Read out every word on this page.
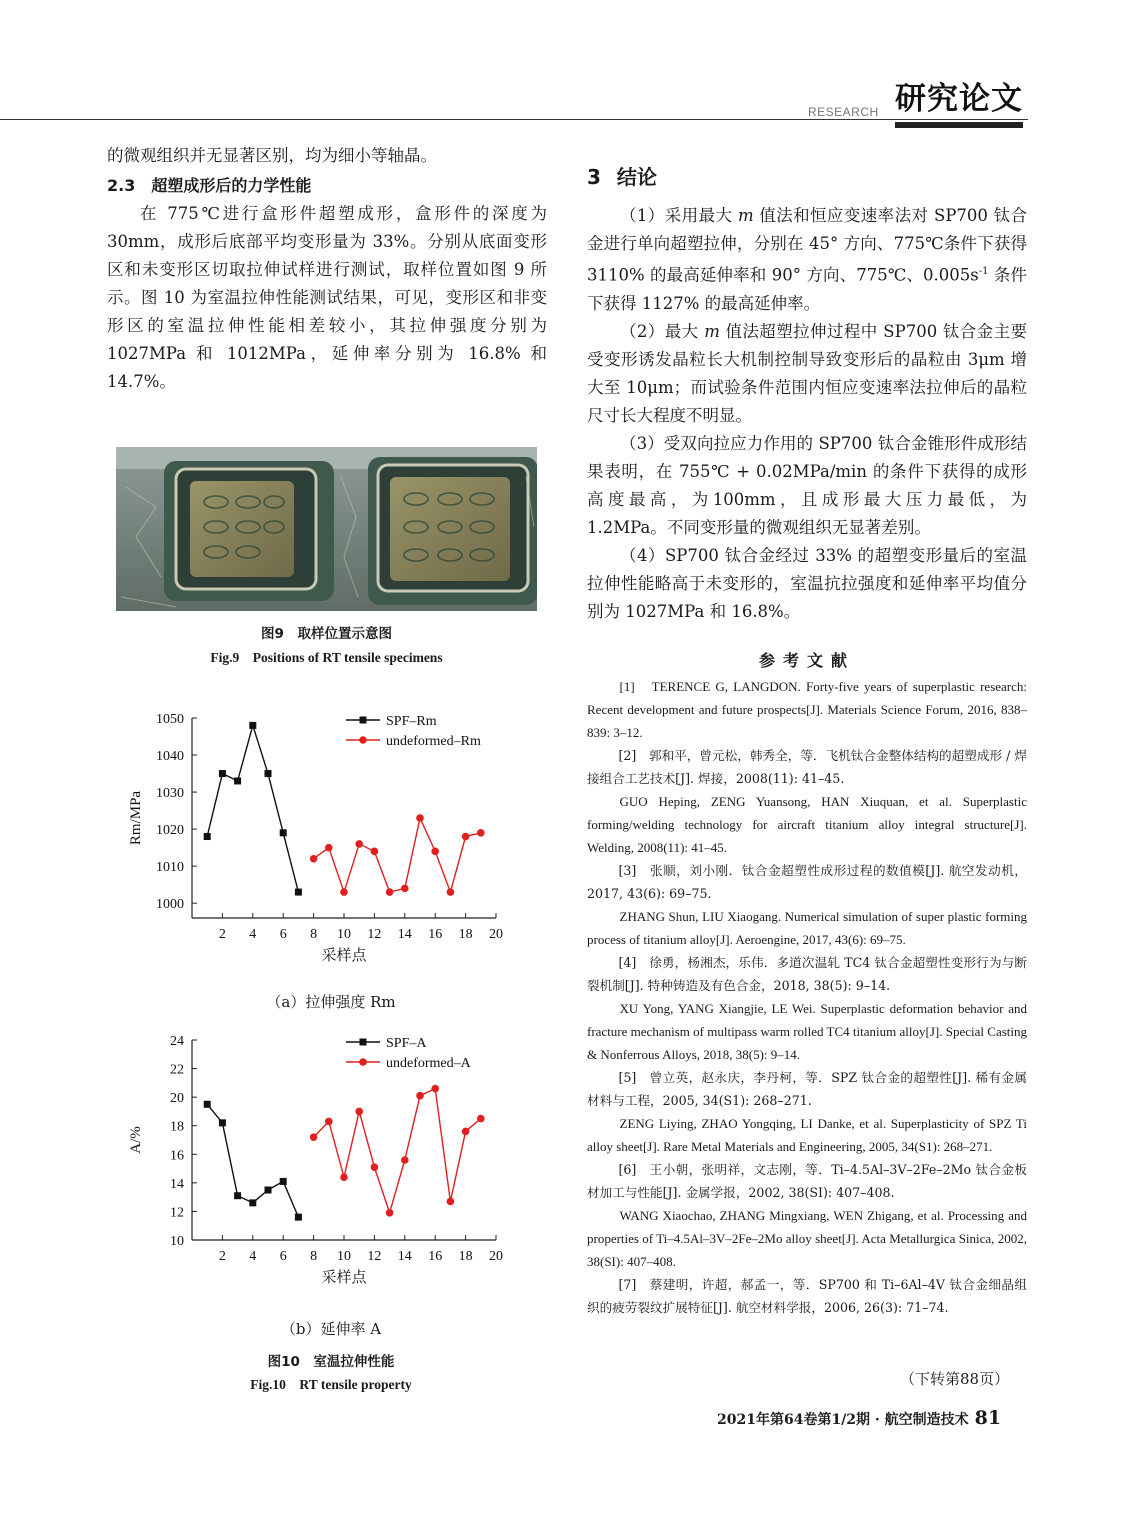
RESEARCH 研究论文

的微观组织并无显著区别，均为细小等轴晶。

2.3　超塑成形后的力学性能

在 775℃进行盒形件超塑成形，盒形件的深度为 30mm，成形后底部平均变形量为 33%。分别从底面变形区和未变形区切取拉伸试样进行测试，取样位置如图 9 所示。图 10 为室温拉伸性能测试结果，可见，变形区和非变形区的室温拉伸性能相差较小，其拉伸强度分别为 1027MPa 和 1012MPa，延伸率分别为 16.8% 和 14.7%。

图9　取样位置示意图
Fig.9　Positions of RT tensile specimens
1000
1010
1020
1030
1040
1050
2 4 6 8 10 12 14 16 18 20
采样点
Rm/MPa
SPF–Rm
undeformed–Rm
（a）拉伸强度 Rm
10
12
14
16
18
20
22
24
2 4 6 8 10 12 14 16 18 20
采样点
A/%
SPF–A
undeformed–A
（b）延伸率 A
图10　室温拉伸性能
Fig.10　RT tensile property
3 结论

（1）采用最大 m 值法和恒应变速率法对 SP700 钛合金进行单向超塑拉伸，分别在 45° 方向、775℃条件下获得 3110% 的最高延伸率和 90° 方向、775℃、$0.005s^{-1}$ 条件下获得 1127% 的最高延伸率。

（2）最大 m 值法超塑拉伸过程中 SP700 钛合金主要受变形诱发晶粒长大机制控制导致变形后的晶粒由 3μm 增大至 10μm；而试验条件范围内恒应变速率法拉伸后的晶粒尺寸长大程度不明显。

（3）受双向拉应力作用的 SP700 钛合金锥形件成形结果表明，在 755℃ + 0.02MPa/min 的条件下获得的成形高度最高，为100mm，且成形最大压力最低，为 1.2MPa。不同变形量的微观组织无显著差别。

（4）SP700 钛合金经过 33% 的超塑变形量后的室温拉伸性能略高于未变形的，室温抗拉强度和延伸率平均值分别为 1027MPa 和 16.8%。

参考文献

[1]　TERENCE G, LANGDON. Forty-five years of superplastic research: Recent development and future prospects[J]. Materials Science Forum, 2016, 838–839: 3–12.

[2]　郭和平，曾元松，韩秀全，等．飞机钛合金整体结构的超塑成形 / 焊接组合工艺技术[J]. 焊接，2008(11): 41–45.

GUO Heping, ZENG Yuansong, HAN Xiuquan, et al. Superplastic forming/welding technology for aircraft titanium alloy integral structure[J]. Welding, 2008(11): 41–45.

[3]　张顺，刘小刚．钛合金超塑性成形过程的数值模[J]. 航空发动机，2017, 43(6): 69–75.

ZHANG Shun, LIU Xiaogang. Numerical simulation of super plastic forming process of titanium alloy[J]. Aeroengine, 2017, 43(6): 69–75.

[4]　徐勇，杨湘杰，乐伟．多道次温轧 TC4 钛合金超塑性变形行为与断裂机制[J]. 特种铸造及有色合金，2018, 38(5): 9–14.

XU Yong, YANG Xiangjie, LE Wei. Superplastic deformation behavior and fracture mechanism of multipass warm rolled TC4 titanium alloy[J]. Special Casting & Nonferrous Alloys, 2018, 38(5): 9–14.

[5]　曾立英，赵永庆，李丹柯，等．SPZ 钛合金的超塑性[J]. 稀有金属材料与工程，2005, 34(S1): 268–271.

ZENG Liying, ZHAO Yongqing, LI Danke, et al. Superplasticity of SPZ Ti alloy sheet[J]. Rare Metal Materials and Engineering, 2005, 34(S1): 268–271.

[6]　王小朝，张明祥，文志刚，等．Ti–4.5Al–3V–2Fe–2Mo 钛合金板材加工与性能[J]. 金属学报，2002, 38(SI): 407–408.

WANG Xiaochao, ZHANG Mingxiang, WEN Zhigang, et al. Processing and properties of Ti–4.5Al–3V–2Fe–2Mo alloy sheet[J]. Acta Metallurgica Sinica, 2002, 38(SI): 407–408.

[7]　蔡建明，许超，郝孟一，等．SP700 和 Ti–6Al–4V 钛合金细晶组织的疲劳裂纹扩展特征[J]. 航空材料学报，2006, 26(3): 71–74.

（下转第88页）
2021年第64卷第1/2期 · 航空制造技术 81
